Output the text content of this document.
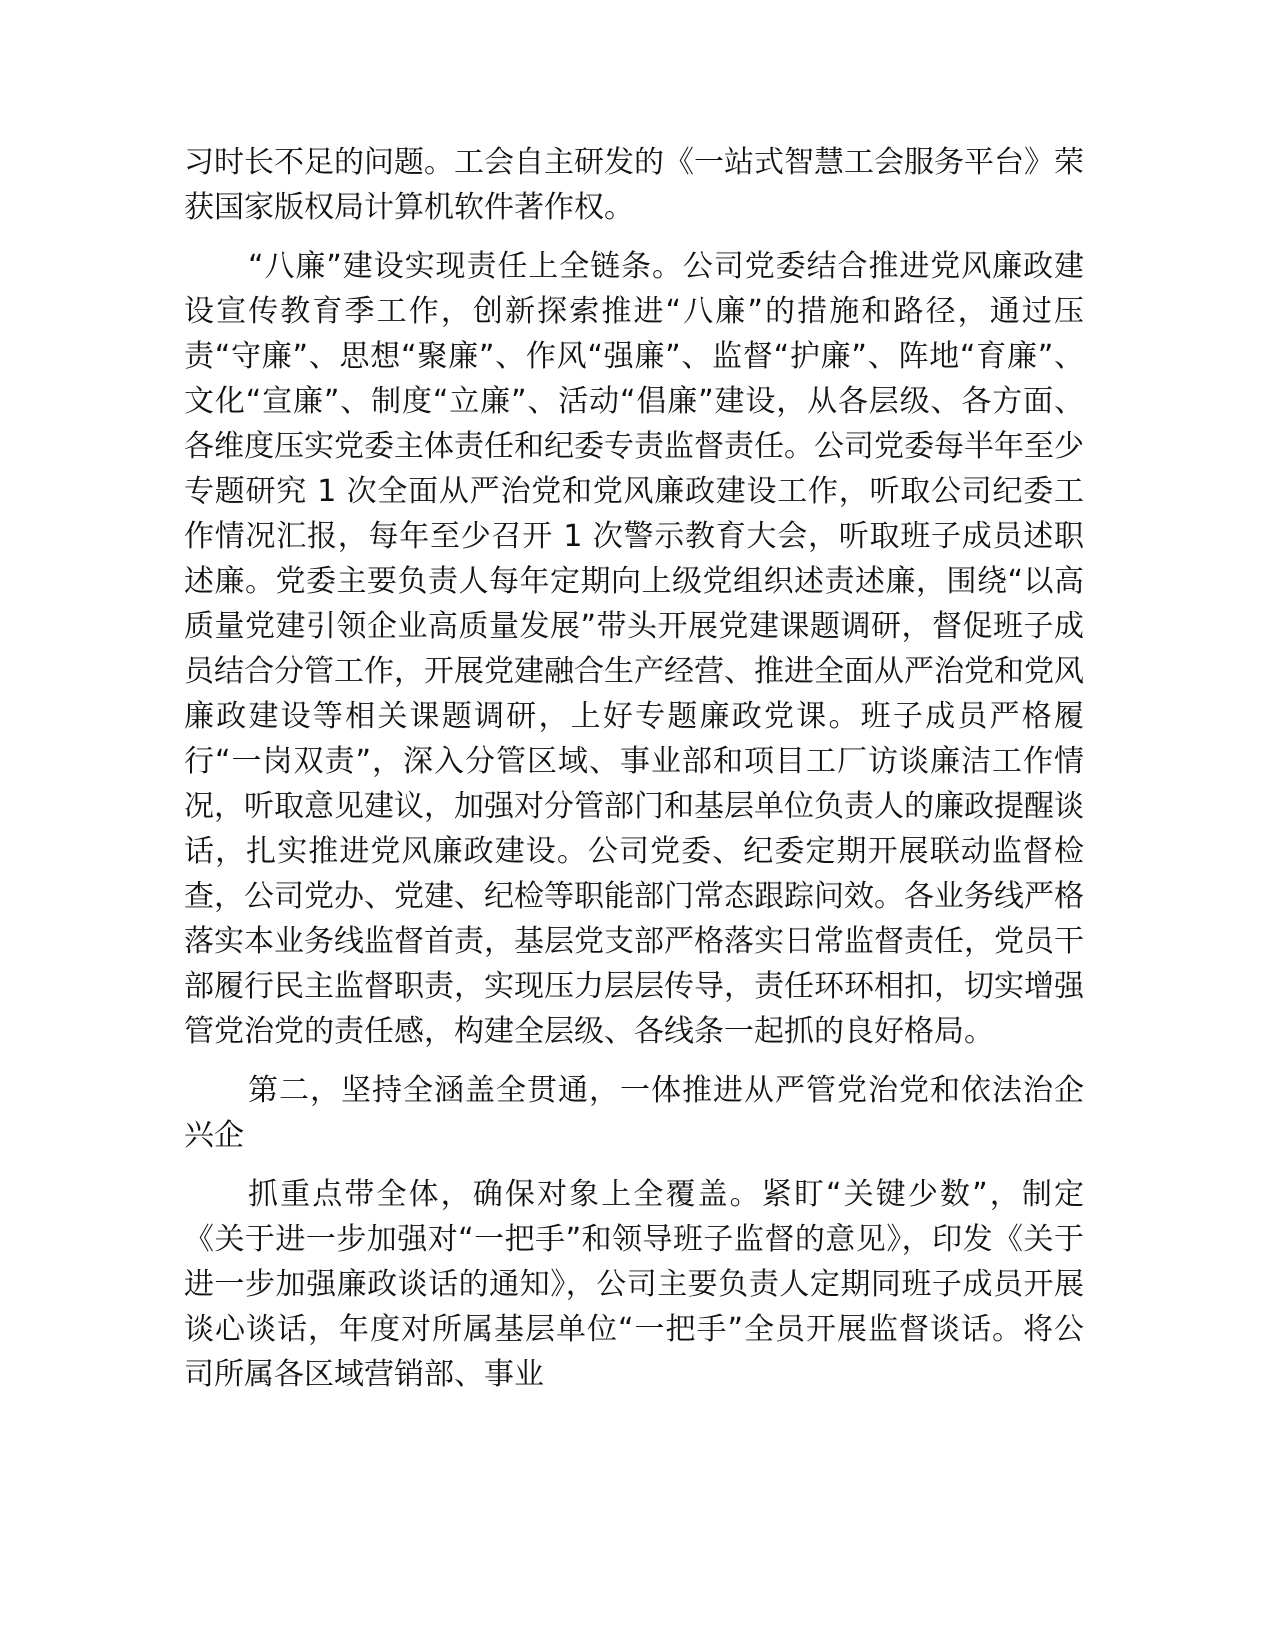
习时长不足的问题。工会自主研发的《一站式智慧工会服务平台》荣获国家版权局计算机软件著作权。

“八廉”建设实现责任上全链条。公司党委结合推进党风廉政建设宣传教育季工作，创新探索推进“八廉”的措施和路径，通过压责“守廉”、思想“聚廉”、作风“强廉”、监督“护廉”、阵地“育廉”、文化“宣廉”、制度“立廉”、活动“倡廉”建设，从各层级、各方面、各维度压实党委主体责任和纪委专责监督责任。公司党委每半年至少专题研究 1 次全面从严治党和党风廉政建设工作，听取公司纪委工作情况汇报，每年至少召开 1 次警示教育大会，听取班子成员述职述廉。党委主要负责人每年定期向上级党组织述责述廉，围绕“以高质量党建引领企业高质量发展”带头开展党建课题调研，督促班子成员结合分管工作，开展党建融合生产经营、推进全面从严治党和党风廉政建设等相关课题调研，上好专题廉政党课。班子成员严格履行“一岗双责”，深入分管区域、事业部和项目工厂访谈廉洁工作情况，听取意见建议，加强对分管部门和基层单位负责人的廉政提醒谈话，扎实推进党风廉政建设。公司党委、纪委定期开展联动监督检查，公司党办、党建、纪检等职能部门常态跟踪问效。各业务线严格落实本业务线监督首责，基层党支部严格落实日常监督责任，党员干部履行民主监督职责，实现压力层层传导，责任环环相扣，切实增强管党治党的责任感，构建全层级、各线条一起抓的良好格局。

第二，坚持全涵盖全贯通，一体推进从严管党治党和依法治企兴企

抓重点带全体，确保对象上全覆盖。紧盯“关键少数”，制定《关于进一步加强对“一把手”和领导班子监督的意见》，印发《关于进一步加强廉政谈话的通知》，公司主要负责人定期同班子成员开展谈心谈话，年度对所属基层单位“一把手”全员开展监督谈话。将公司所属各区域营销部、事业
